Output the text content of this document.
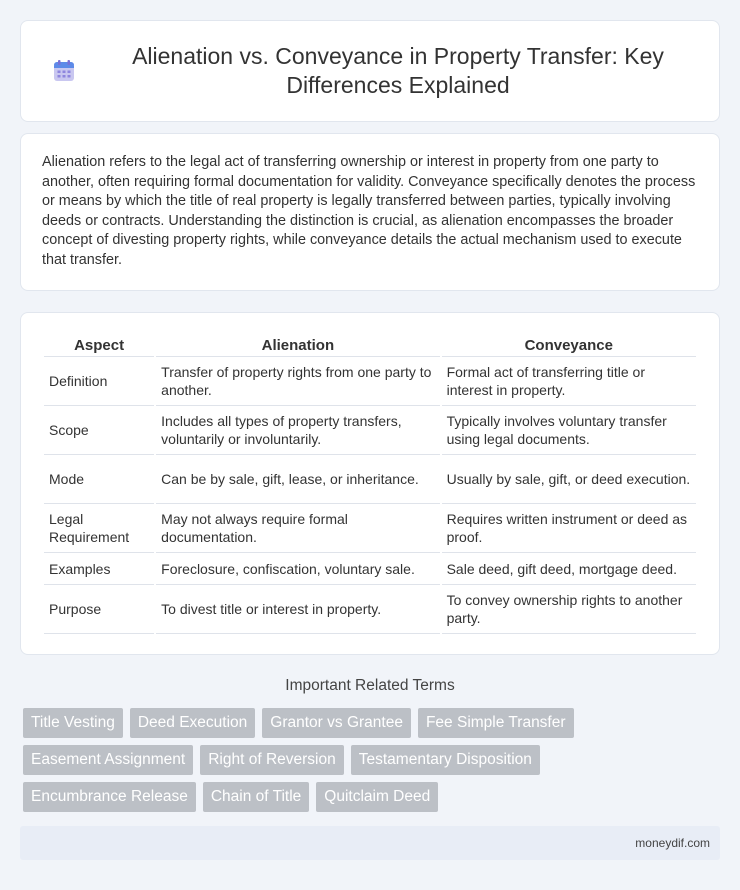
Alienation vs. Conveyance in Property Transfer: Key Differences Explained

Alienation refers to the legal act of transferring ownership or interest in property from one party to another, often requiring formal documentation for validity. Conveyance specifically denotes the process or means by which the title of real property is legally transferred between parties, typically involving deeds or contracts. Understanding the distinction is crucial, as alienation encompasses the broader concept of divesting property rights, while conveyance details the actual mechanism used to execute that transfer.

Aspect	Alienation	Conveyance
Definition	Transfer of property rights from one party to another.	Formal act of transferring title or interest in property.
Scope	Includes all types of property transfers, voluntarily or involuntarily.	Typically involves voluntary transfer using legal documents.
Mode	Can be by sale, gift, lease, or inheritance.	Usually by sale, gift, or deed execution.
Legal Requirement	May not always require formal documentation.	Requires written instrument or deed as proof.
Examples	Foreclosure, confiscation, voluntary sale.	Sale deed, gift deed, mortgage deed.
Purpose	To divest title or interest in property.	To convey ownership rights to another party.
Important Related Terms
Title Vesting	Deed Execution	Grantor vs Grantee	Fee Simple Transfer
Easement Assignment	Right of Reversion	Testamentary Disposition
Encumbrance Release	Chain of Title	Quitclaim Deed
moneydif.com
